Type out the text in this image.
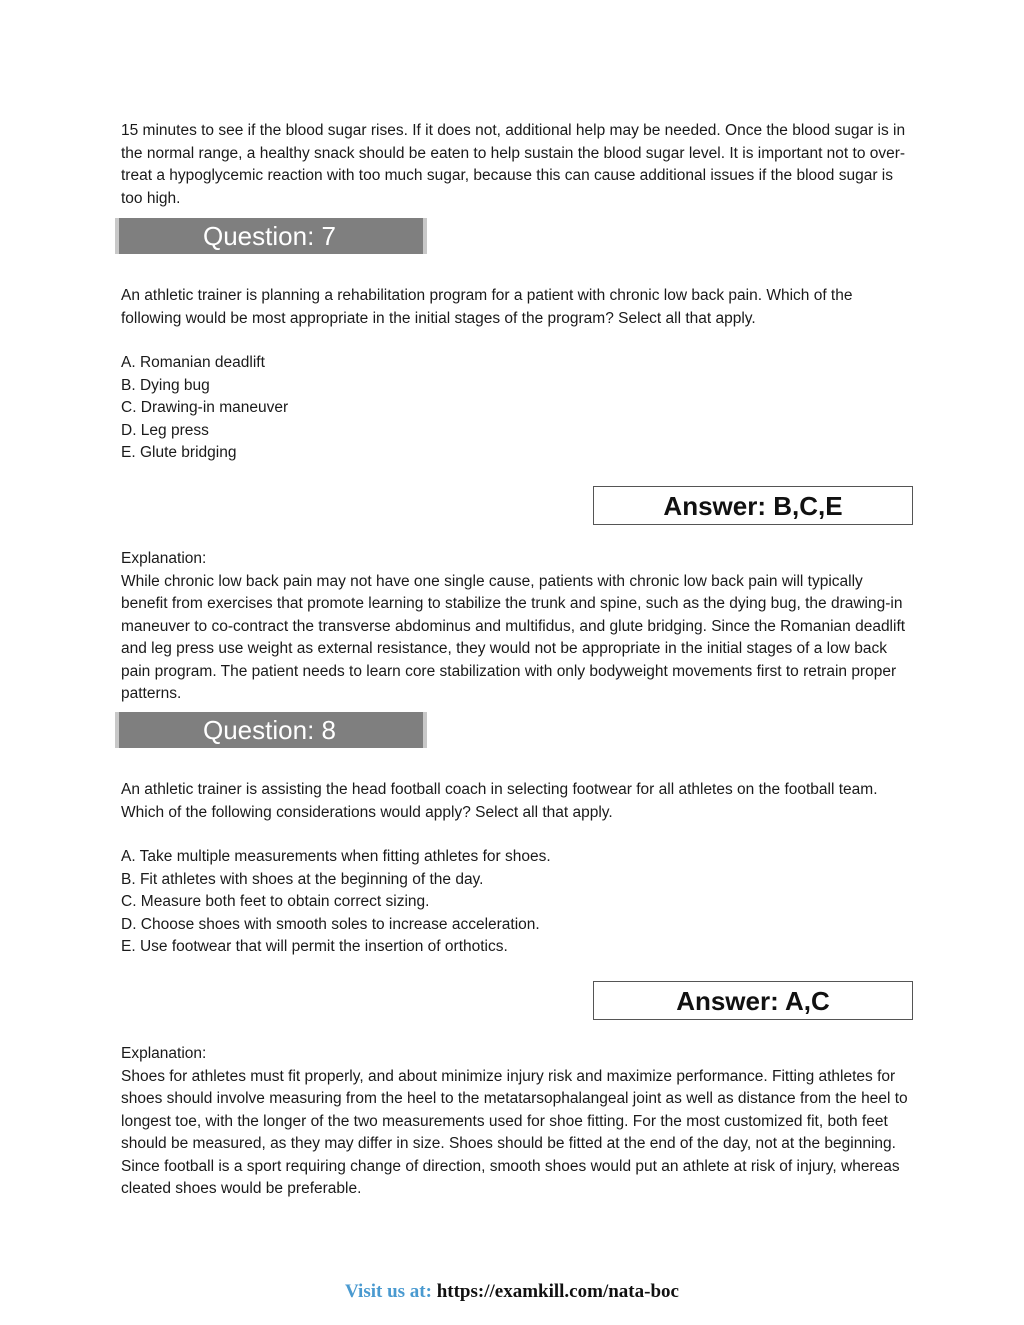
15 minutes to see if the blood sugar rises. If it does not, additional help may be needed. Once the blood sugar is in the normal range, a healthy snack should be eaten to help sustain the blood sugar level. It is important not to over-treat a hypoglycemic reaction with too much sugar, because this can cause additional issues if the blood sugar is too high.

Question: 7

An athletic trainer is planning a rehabilitation program for a patient with chronic low back pain. Which of the following would be most appropriate in the initial stages of the program? Select all that apply.

A. Romanian deadlift
B. Dying bug
C. Drawing-in maneuver
D. Leg press
E. Glute bridging
Answer: B,C,E
Explanation:

While chronic low back pain may not have one single cause, patients with chronic low back pain will typically benefit from exercises that promote learning to stabilize the trunk and spine, such as the dying bug, the drawing-in maneuver to co-contract the transverse abdominus and multifidus, and glute bridging. Since the Romanian deadlift and leg press use weight as external resistance, they would not be appropriate in the initial stages of a low back pain program. The patient needs to learn core stabilization with only bodyweight movements first to retrain proper patterns.

Question: 8

An athletic trainer is assisting the head football coach in selecting footwear for all athletes on the football team. Which of the following considerations would apply? Select all that apply.

A. Take multiple measurements when fitting athletes for shoes.
B. Fit athletes with shoes at the beginning of the day.
C. Measure both feet to obtain correct sizing.
D. Choose shoes with smooth soles to increase acceleration.
E. Use footwear that will permit the insertion of orthotics.
Answer: A,C
Explanation:

Shoes for athletes must fit properly, and about minimize injury risk and maximize performance. Fitting athletes for shoes should involve measuring from the heel to the metatarsophalangeal joint as well as distance from the heel to longest toe, with the longer of the two measurements used for shoe fitting. For the most customized fit, both feet should be measured, as they may differ in size. Shoes should be fitted at the end of the day, not at the beginning. Since football is a sport requiring change of direction, smooth shoes would put an athlete at risk of injury, whereas cleated shoes would be preferable.

Visit us at: https://examkill.com/nata-boc
